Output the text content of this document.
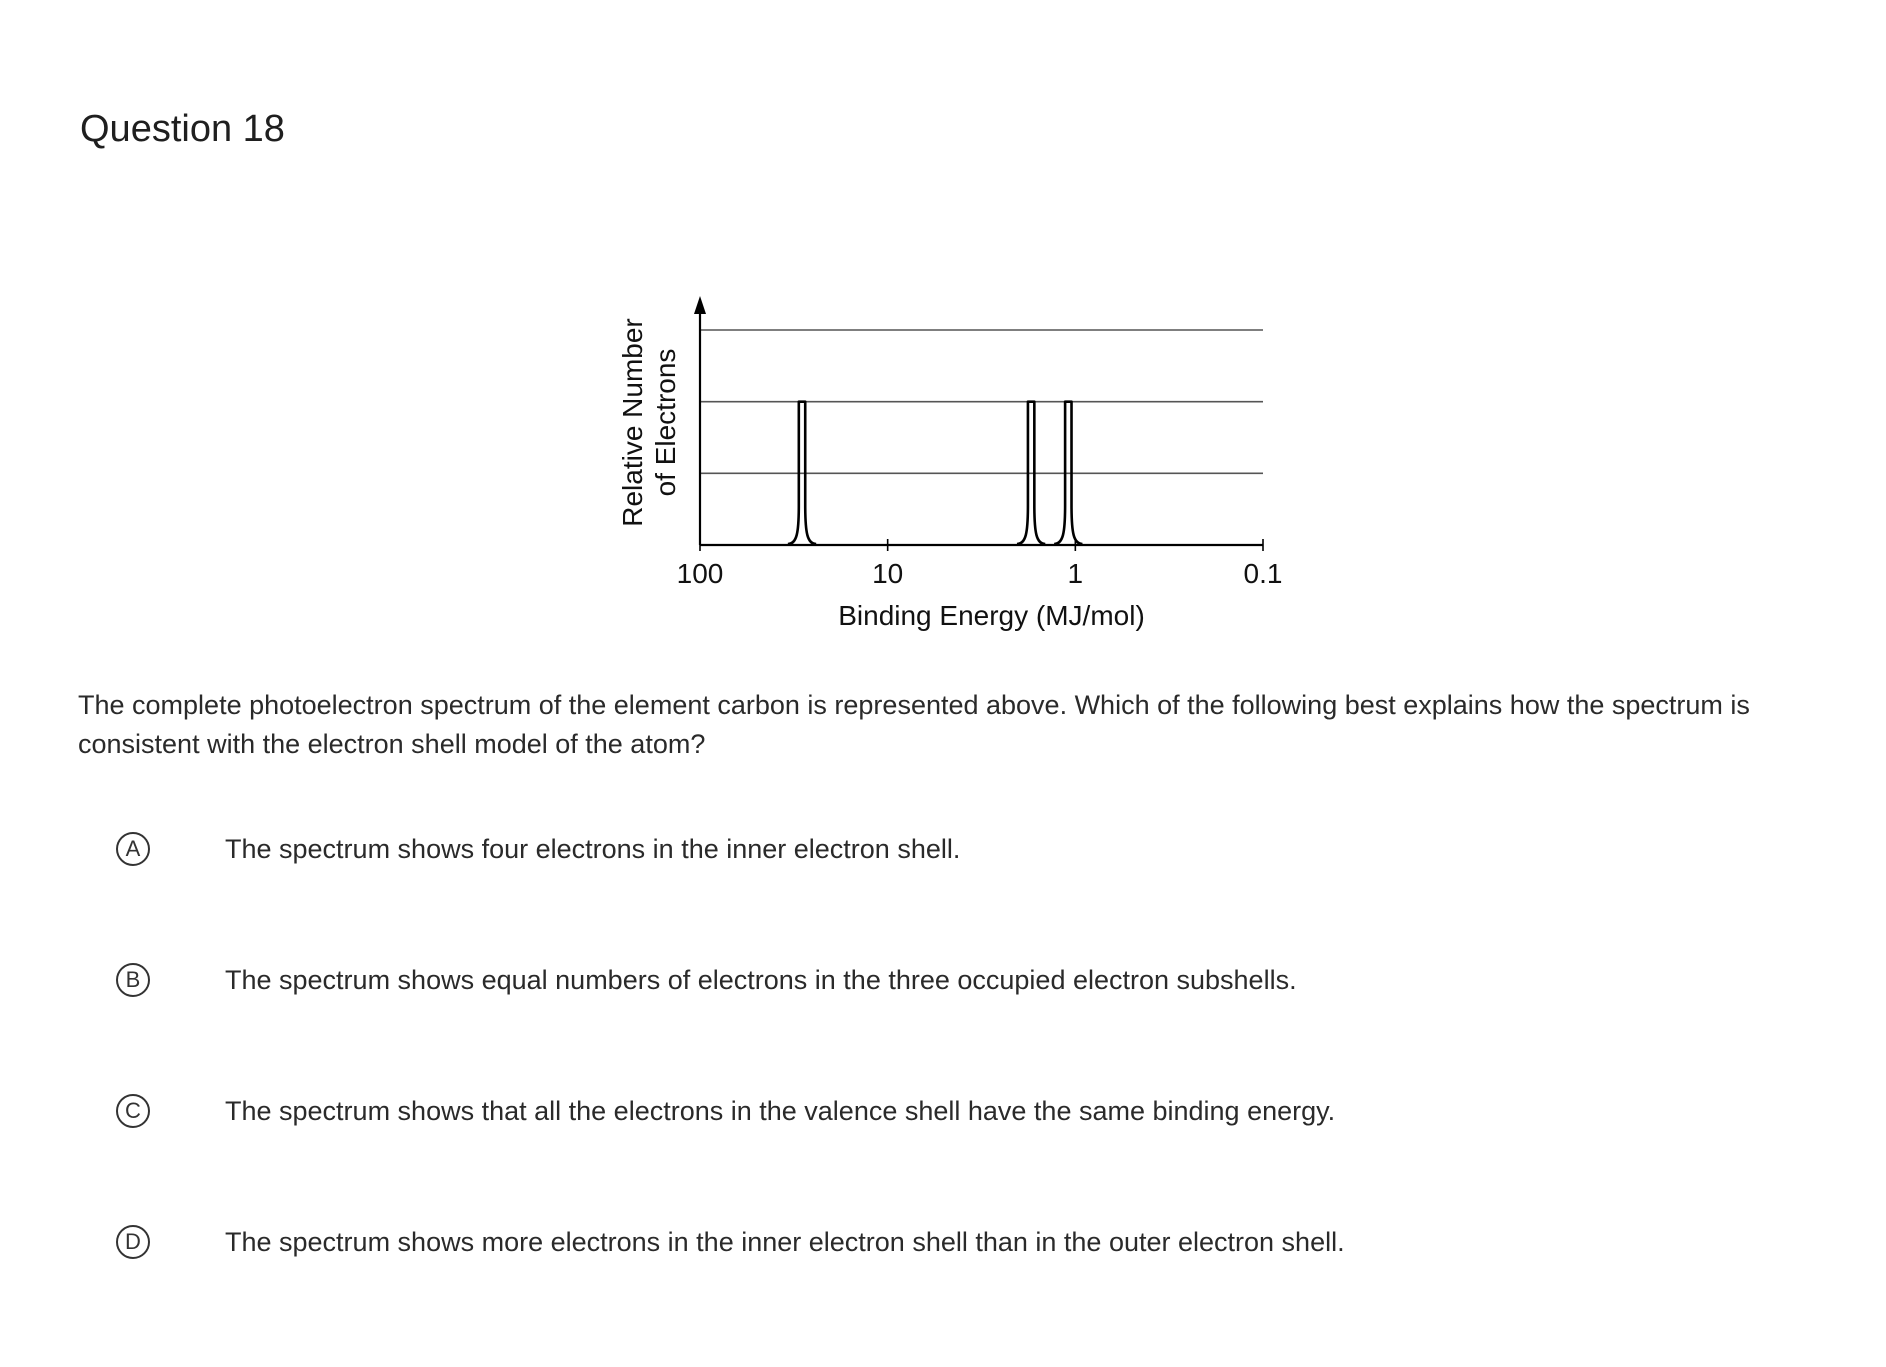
Question 18
100	10	1	0.1
Binding Energy (MJ/mol)
Relative Number of Electrons

The complete photoelectron spectrum of the element carbon is represented above. Which of the following best explains how the spectrum is consistent with the electron shell model of the atom?

A	The spectrum shows four electrons in the inner electron shell.
B	The spectrum shows equal numbers of electrons in the three occupied electron subshells.
C	The spectrum shows that all the electrons in the valence shell have the same binding energy.
D	The spectrum shows more electrons in the inner electron shell than in the outer electron shell.
